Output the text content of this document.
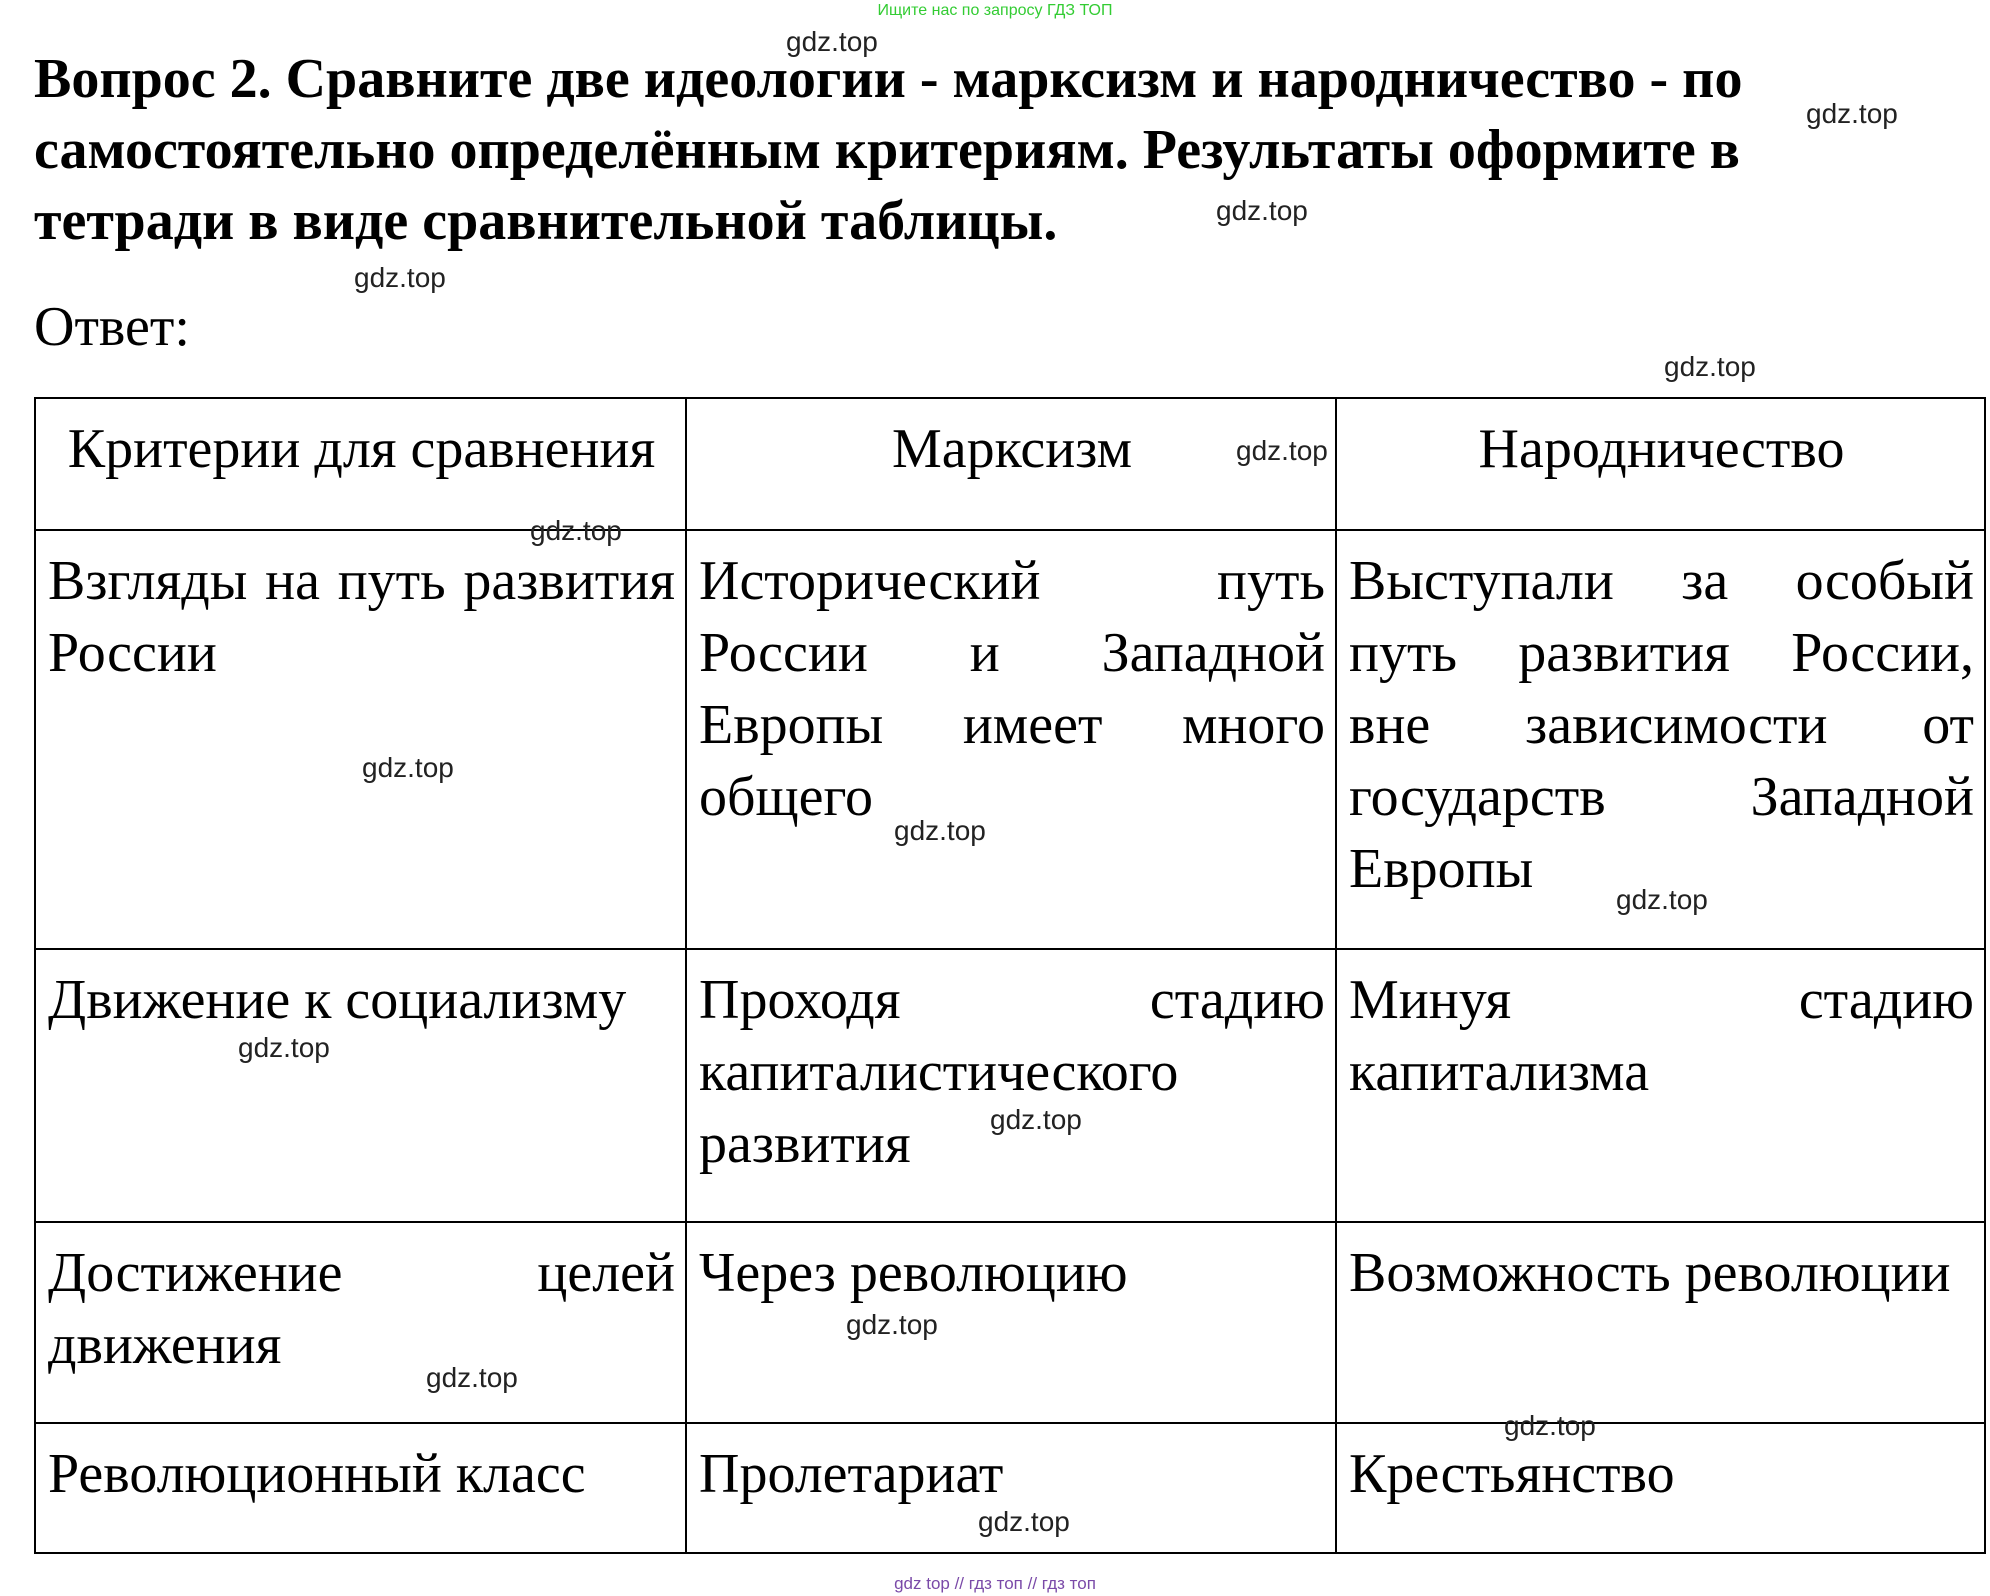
Ищите нас по запросу ГДЗ ТОП

Вопрос 2. Сравните две идеологии - марксизм и народничество - по самостоятельно определённым критериям. Результаты оформите в тетради в виде сравнительной таблицы.

Ответ:

Критерии для сравнения	Марксизм	Народничество
Взгляды на путь развития России	Исторический путь России и Западной Европы имеет много общего	Выступали за особый путь развития России, вне зависимости от государств Западной Европы
Движение к социализму	Проходя стадию капиталистического развития	Минуя стадию капитализма
Достижение целей движения	Через революцию	Возможность революции
Революционный класс	Пролетариат	Крестьянство
gdz.top
gdz.top
gdz.top
gdz.top
gdz.top
gdz.top
gdz.top
gdz.top
gdz.top
gdz.top
gdz.top
gdz.top
gdz.top
gdz.top
gdz.top
gdz.top
gdz top // гдз топ // гдз топ
